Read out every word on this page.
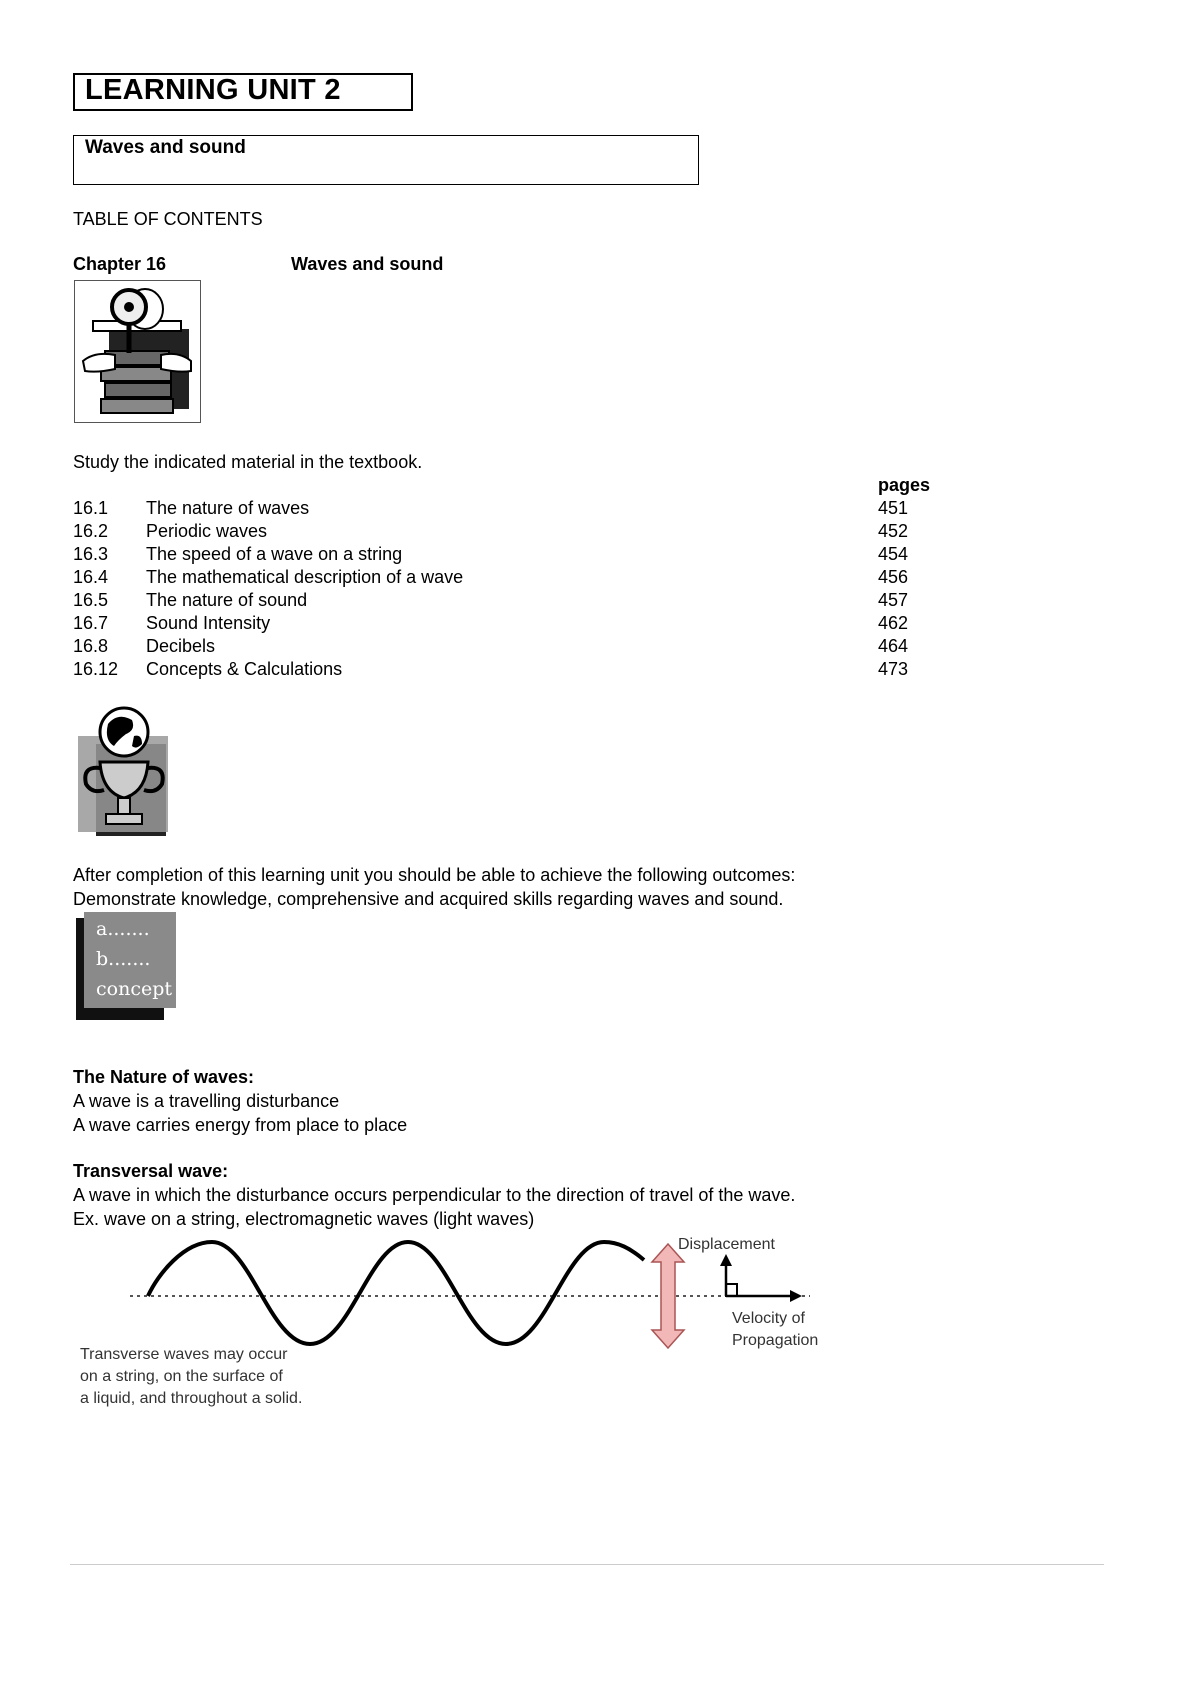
LEARNING UNIT 2
Waves and sound
TABLE OF CONTENTS
Chapter 16	Waves and sound
Study the indicated material in the textbook.
pages
16.1 The nature of waves	451
16.2 Periodic waves	452
16.3 The speed of a wave on a string	454
16.4 The mathematical description of a wave	456
16.5 The nature of sound	457
16.7 Sound Intensity	462
16.8 Decibels	464
16.12 Concepts & Calculations	473
After completion of this learning unit you should be able to achieve the following outcomes:
Demonstrate knowledge, comprehensive and acquired skills regarding waves and sound.
a.......
b.......
concept
The Nature of waves:
A wave is a travelling disturbance
A wave carries energy from place to place
Transversal wave:
A wave in which the disturbance occurs perpendicular to the direction of travel of the wave.
Ex. wave on a string, electromagnetic waves (light waves)
Displacement
Velocity of
Propagation
Transverse waves may occur
on a string, on the surface of
a liquid, and throughout a solid.
